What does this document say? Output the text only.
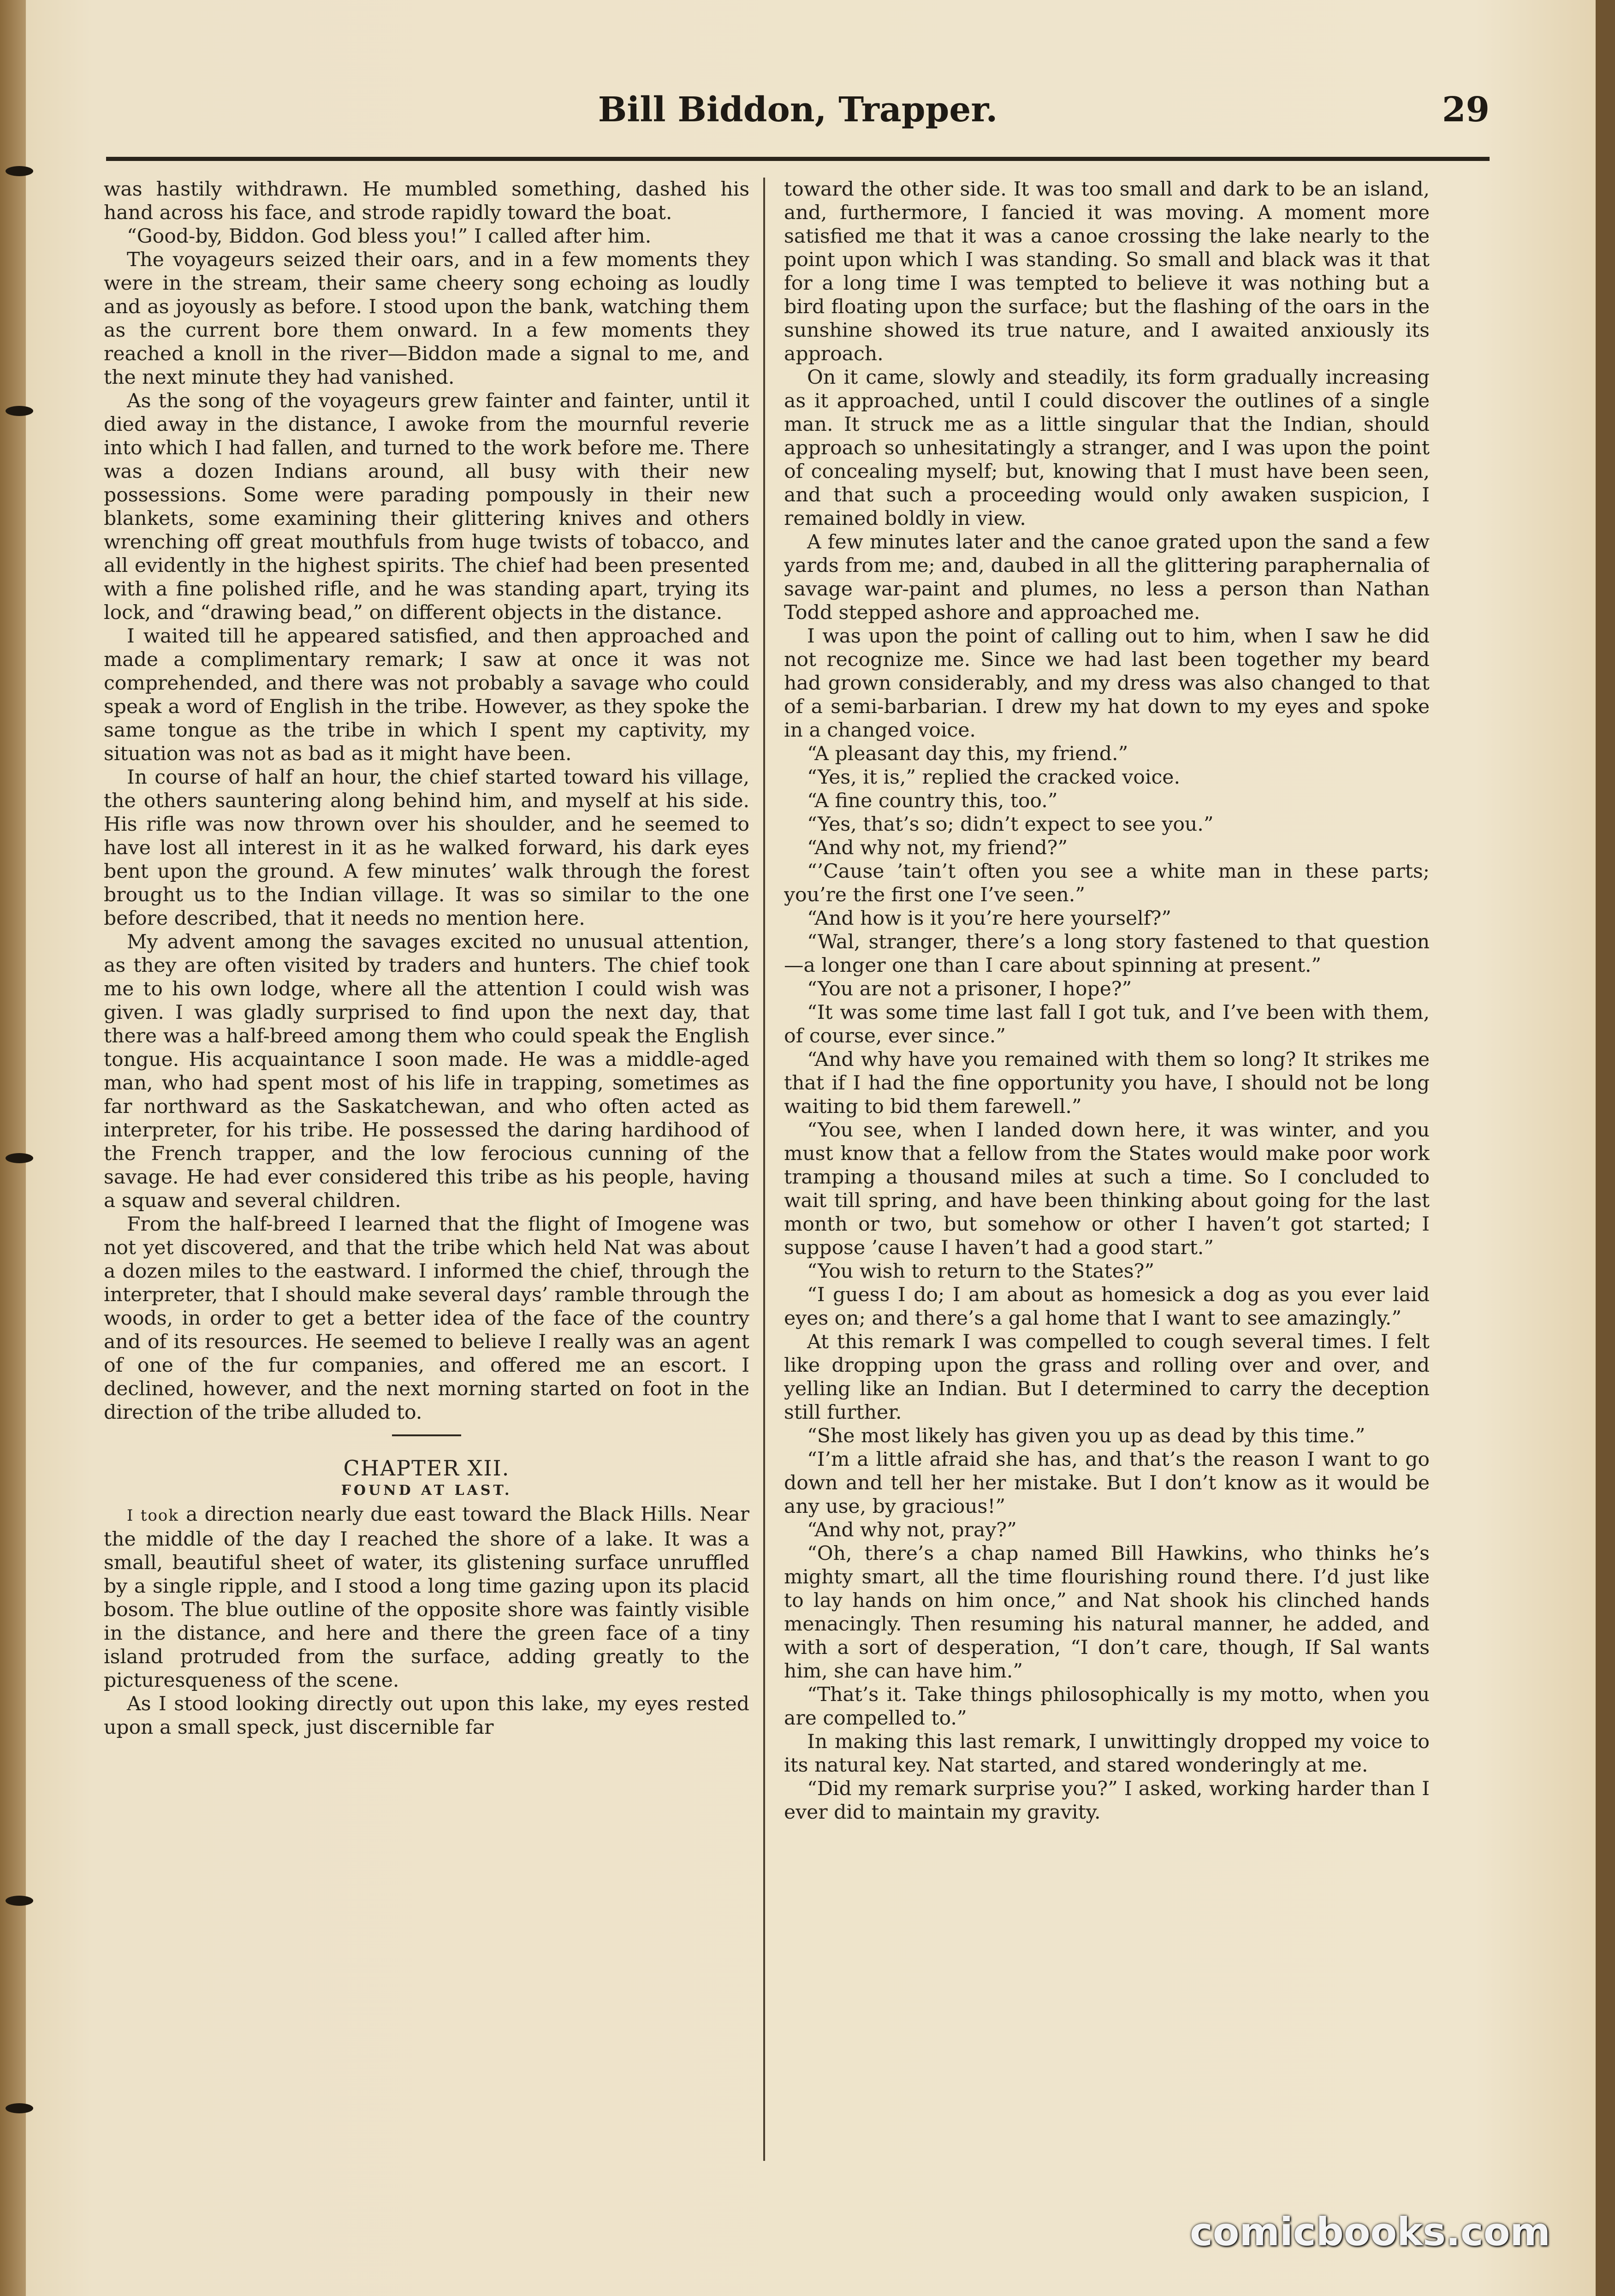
Bill Biddon, Trapper.	29

was hastily withdrawn. He mumbled something, dashed his hand across his face, and strode rapidly toward the boat.

“Good-by, Biddon. God bless you!” I called after him.

The voyageurs seized their oars, and in a few moments they were in the stream, their same cheery song echoing as loudly and as joyously as before. I stood upon the bank, watching them as the current bore them onward. In a few moments they reached a knoll in the river—Biddon made a signal to me, and the next minute they had vanished.

As the song of the voyageurs grew fainter and fainter, until it died away in the distance, I awoke from the mournful reverie into which I had fallen, and turned to the work before me. There was a dozen Indians around, all busy with their new possessions. Some were parading pompously in their new blankets, some examining their glittering knives and others wrenching off great mouthfuls from huge twists of tobacco, and all evidently in the highest spirits. The chief had been presented with a fine polished rifle, and he was standing apart, trying its lock, and “drawing bead,” on different objects in the distance.

I waited till he appeared satisfied, and then approached and made a complimentary remark; I saw at once it was not comprehended, and there was not probably a savage who could speak a word of English in the tribe. However, as they spoke the same tongue as the tribe in which I spent my captivity, my situation was not as bad as it might have been.

In course of half an hour, the chief started toward his village, the others sauntering along behind him, and myself at his side. His rifle was now thrown over his shoulder, and he seemed to have lost all interest in it as he walked forward, his dark eyes bent upon the ground. A few minutes’ walk through the forest brought us to the Indian village. It was so similar to the one before described, that it needs no mention here.

My advent among the savages excited no unusual attention, as they are often visited by traders and hunters. The chief took me to his own lodge, where all the attention I could wish was given. I was gladly surprised to find upon the next day, that there was a half-breed among them who could speak the English tongue. His acquaintance I soon made. He was a middle-aged man, who had spent most of his life in trapping, sometimes as far northward as the Saskatchewan, and who often acted as interpreter, for his tribe. He possessed the daring hardihood of the French trapper, and the low ferocious cunning of the savage. He had ever considered this tribe as his people, having a squaw and several children.

From the half-breed I learned that the flight of Imogene was not yet discovered, and that the tribe which held Nat was about a dozen miles to the eastward. I informed the chief, through the interpreter, that I should make several days’ ramble through the woods, in order to get a better idea of the face of the country and of its resources. He seemed to believe I really was an agent of one of the fur companies, and offered me an escort. I declined, however, and the next morning started on foot in the direction of the tribe alluded to.

CHAPTER XII.
FOUND AT LAST.

I took a direction nearly due east toward the Black Hills. Near the middle of the day I reached the shore of a lake. It was a small, beautiful sheet of water, its glistening surface unruffled by a single ripple, and I stood a long time gazing upon its placid bosom. The blue outline of the opposite shore was faintly visible in the distance, and here and there the green face of a tiny island protruded from the surface, adding greatly to the picturesqueness of the scene.

As I stood looking directly out upon this lake, my eyes rested upon a small speck, just discernible far

toward the other side. It was too small and dark to be an island, and, furthermore, I fancied it was moving. A moment more satisfied me that it was a canoe crossing the lake nearly to the point upon which I was standing. So small and black was it that for a long time I was tempted to believe it was nothing but a bird floating upon the surface; but the flashing of the oars in the sunshine showed its true nature, and I awaited anxiously its approach.

On it came, slowly and steadily, its form gradually increasing as it approached, until I could discover the outlines of a single man. It struck me as a little singular that the Indian, should approach so unhesitatingly a stranger, and I was upon the point of concealing myself; but, knowing that I must have been seen, and that such a proceeding would only awaken suspicion, I remained boldly in view.

A few minutes later and the canoe grated upon the sand a few yards from me; and, daubed in all the glittering paraphernalia of savage war-paint and plumes, no less a person than Nathan Todd stepped ashore and approached me.

I was upon the point of calling out to him, when I saw he did not recognize me. Since we had last been together my beard had grown considerably, and my dress was also changed to that of a semi-barbarian. I drew my hat down to my eyes and spoke in a changed voice.

“A pleasant day this, my friend.”

“Yes, it is,” replied the cracked voice.

“A fine country this, too.”

“Yes, that’s so; didn’t expect to see you.”

“And why not, my friend?”

“’Cause ’tain’t often you see a white man in these parts; you’re the first one I’ve seen.”

“And how is it you’re here yourself?”

“Wal, stranger, there’s a long story fastened to that question—a longer one than I care about spinning at present.”

“You are not a prisoner, I hope?”

“It was some time last fall I got tuk, and I’ve been with them, of course, ever since.”

“And why have you remained with them so long? It strikes me that if I had the fine opportunity you have, I should not be long waiting to bid them farewell.”

“You see, when I landed down here, it was winter, and you must know that a fellow from the States would make poor work tramping a thousand miles at such a time. So I concluded to wait till spring, and have been thinking about going for the last month or two, but somehow or other I haven’t got started; I suppose ’cause I haven’t had a good start.”

“You wish to return to the States?”

“I guess I do; I am about as homesick a dog as you ever laid eyes on; and there’s a gal home that I want to see amazingly.”

At this remark I was compelled to cough several times. I felt like dropping upon the grass and rolling over and over, and yelling like an Indian. But I determined to carry the deception still further.

“She most likely has given you up as dead by this time.”

“I’m a little afraid she has, and that’s the reason I want to go down and tell her her mistake. But I don’t know as it would be any use, by gracious!”

“And why not, pray?”

“Oh, there’s a chap named Bill Hawkins, who thinks he’s mighty smart, all the time flourishing round there. I’d just like to lay hands on him once,” and Nat shook his clinched hands menacingly. Then resuming his natural manner, he added, and with a sort of desperation, “I don’t care, though, If Sal wants him, she can have him.”

“That’s it. Take things philosophically is my motto, when you are compelled to.”

In making this last remark, I unwittingly dropped my voice to its natural key. Nat started, and stared wonderingly at me.

“Did my remark surprise you?” I asked, working harder than I ever did to maintain my gravity.

comicbooks.com
